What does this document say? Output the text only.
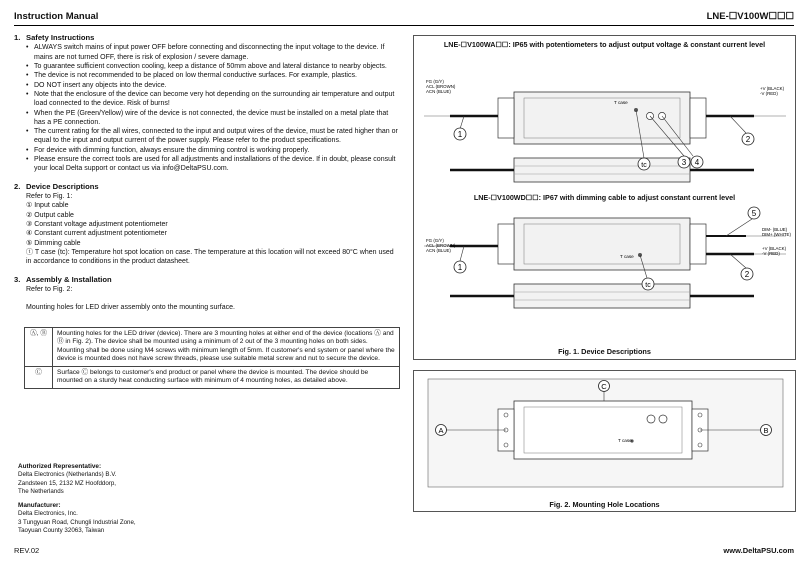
Instruction Manual	LNE-☐V100W☐☐☐
1. Safety Instructions
• ALWAYS switch mains of input power OFF before connecting and disconnecting the input voltage to the device. If mains are not turned OFF, there is risk of explosion / severe damage.
• To guarantee sufficient convection cooling, keep a distance of 50mm above and lateral distance to nearby objects.
• The device is not recommended to be placed on low thermal conductive surfaces. For example, plastics.
• DO NOT insert any objects into the device.
• Note that the enclosure of the device can become very hot depending on the surrounding air temperature and output load connected to the device. Risk of burns!
• When the PE (Green/Yellow) wire of the device is not connected, the device must be installed on a metal plate that has a PE connection.
• The current rating for the all wires, connected to the input and output wires of the device, must be rated higher than or equal to the input and output current of the power supply. Please refer to the product specifications.
• For device with dimming function, always ensure the dimming control is working properly.
• Please ensure the correct tools are used for all adjustments and installations of the device. If in doubt, please consult your local Delta support or contact us via info@DeltaPSU.com.
2. Device Descriptions
Refer to Fig. 1:
① Input cable
② Output cable
③ Constant voltage adjustment potentiometer
④ Constant current adjustment potentiometer
⑤ Dimming cable
ⓣ T case (tc): Temperature hot spot location on case. The temperature at this location will not exceed 80°C when used in accordance to conditions in the product datasheet.
3. Assembly & Installation
Refer to Fig. 2:
Mounting holes for LED driver assembly onto the mounting surface.
Ⓐ, Ⓑ	Mounting holes for the LED driver (device). There are 3 mounting holes at either end of the device (locations Ⓐ and Ⓑ in Fig. 2). The device shall be mounted using a minimum of 2 out of the 3 mounting holes on both sides. Mounting shall be done using M4 screws with minimum length of 5mm. If customer's end system or panel where the device is mounted does not have screw threads, please use suitable metal screw and nut to secure the device.
Ⓒ	Surface Ⓒ belongs to customer's end product or panel where the device is mounted. The device should be mounted on a sturdy heat conducting surface with minimum of 4 mounting holes, as detailed above.
Authorized Representative:
Delta Electronics (Netherlands) B.V.
Zandsteen 15, 2132 MZ Hoofddorp,
The Netherlands
Manufacturer:
Delta Electronics, Inc.
3 Tungyuan Road, Chungli Industrial Zone,
Taoyuan County 32063, Taiwan
LNE-☐V100WA☐☐: IP65 with potentiometers to adjust output voltage & constant current level
LNE-☐V100WD☐☐: IP67 with dimming cable to adjust constant current level
Fig. 1. Device Descriptions
FG (G/Y)
ACL (BROWN)
ACN (BLUE)
+V (BLACK)
-V (RED)
T case
FG (G/Y)
ACL (BROWN)
ACN (BLUE)
DIM- (BLUE)
DIM+ (WHITE)
+V (BLACK)
-V (RED)
T case
1
2
3 4
tc
1
2
5
tc
T case
A	B
C
Fig. 2. Mounting Hole Locations
REV.02	www.DeltaPSU.com
